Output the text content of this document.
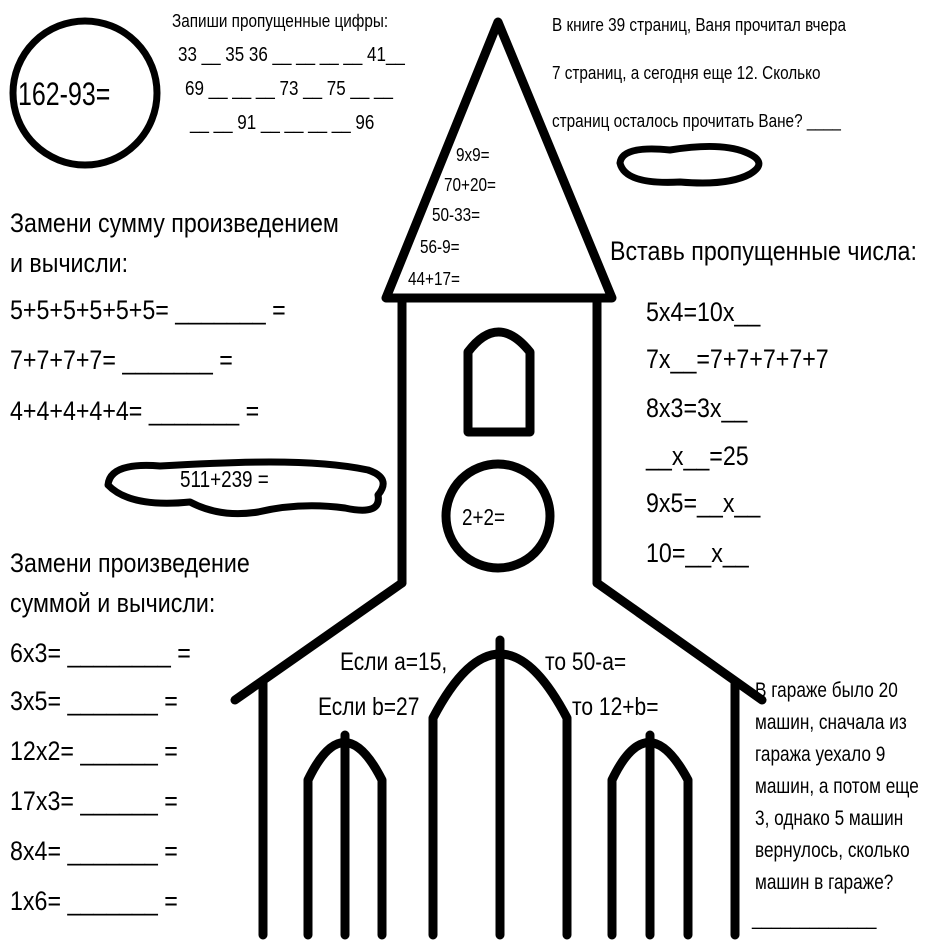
162-93=
Запиши пропущенные цифры:
33 __ 35 36 __ __ __ __ 41__
69 __ __ __ 73 __ 75 __ __
__ __ 91 __ __ __ __ 96
В книге 39 страниц, Ваня прочитал вчера
7 страниц, а сегодня еще 12. Сколько
страниц осталось прочитать Ване? ____
9x9=
70+20=
50-33=
56-9=
44+17=
Замени сумму произведением
и вычисли:
5+5+5+5+5+5= _______ =
7+7+7+7= _______ =
4+4+4+4+4= _______ =
511+239 =
2+2=
Вставь пропущенные числа:
5x4=10x__
7x__=7+7+7+7+7
8x3=3x__
__x__=25
9x5=__x__
10=__x__
Замени произведение
суммой и вычисли:
6x3= ________ =
3x5= _______ =
12x2= ______ =
17x3= ______ =
8x4= _______ =
1x6= _______ =
Если a=15,	то 50-a=
Если b=27	то 12+b=
В гараже было 20
машин, сначала из
гаража уехало 9
машин, а потом еще
3, однако 5 машин
вернулось, сколько
машин в гараже?
_____________
